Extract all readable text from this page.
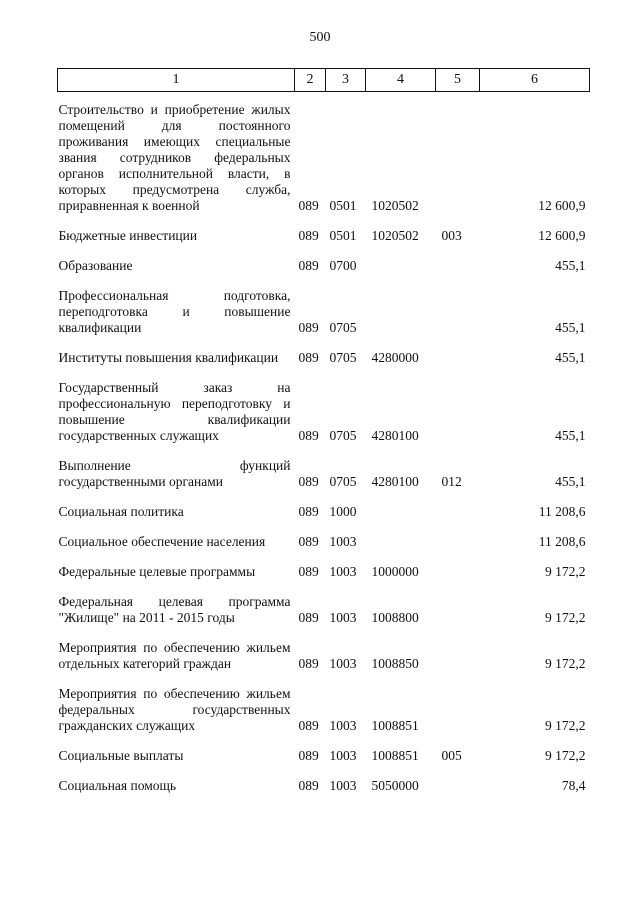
500
1	2	3	4	5	6
Строительство и приобретение жилых помещений для постоянного проживания имеющих специальные звания сотрудников федеральных органов исполнительной власти, в которых предусмотрена служба, приравненная к военной	089	0501	1020502		12 600,9
Бюджетные инвестиции	089	0501	1020502	003	12 600,9
Образование	089	0700			455,1
Профессиональная подготовка, переподготовка и повышение квалификации	089	0705			455,1
Институты повышения квалификации	089	0705	4280000		455,1
Государственный заказ на профессиональную переподготовку и повышение квалификации государственных служащих	089	0705	4280100		455,1
Выполнение функций государственными органами	089	0705	4280100	012	455,1
Социальная политика	089	1000			11 208,6
Социальное обеспечение населения	089	1003			11 208,6
Федеральные целевые программы	089	1003	1000000		9 172,2
Федеральная целевая программа "Жилище" на 2011 - 2015 годы	089	1003	1008800		9 172,2
Мероприятия по обеспечению жильем отдельных категорий граждан	089	1003	1008850		9 172,2
Мероприятия по обеспечению жильем федеральных государственных гражданских служащих	089	1003	1008851		9 172,2
Социальные выплаты	089	1003	1008851	005	9 172,2
Социальная помощь	089	1003	5050000		78,4
